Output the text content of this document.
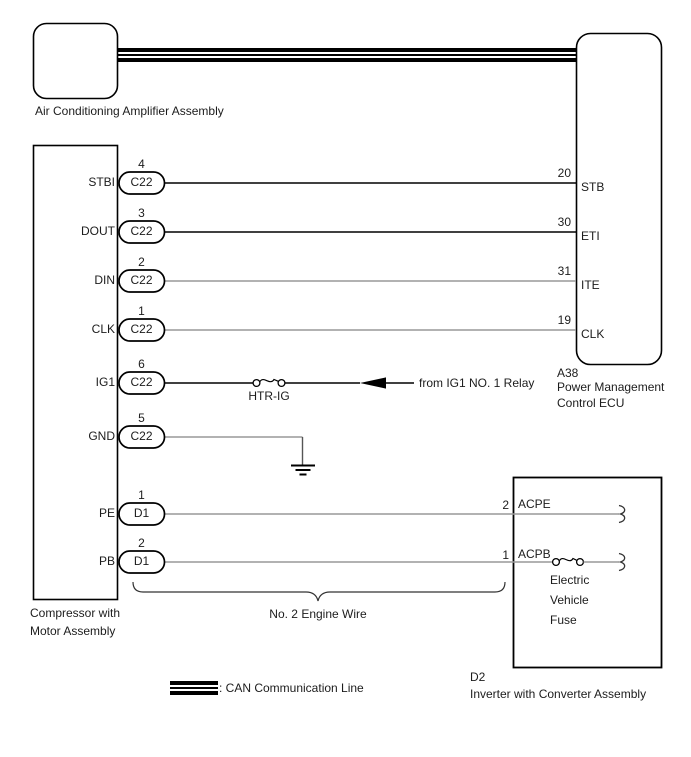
Air Conditioning Amplifier Assembly
Compressor with
Motor Assembly
A38
Power Management
Control ECU
D2
Inverter with Converter Assembly
STBI
DOUT
DIN
CLK
IG1
GND
PE
PB
C22
C22
C22
C22
C22
C22
D1
D1
4
3
2
1
6
5
1
2
20
30
31
19
STB
ETI
ITE
CLK
HTR-IG
from IG1 NO. 1 Relay
2
1
ACPE
ACPB
Electric
Vehicle
Fuse
No. 2 Engine Wire
: CAN Communication Line
